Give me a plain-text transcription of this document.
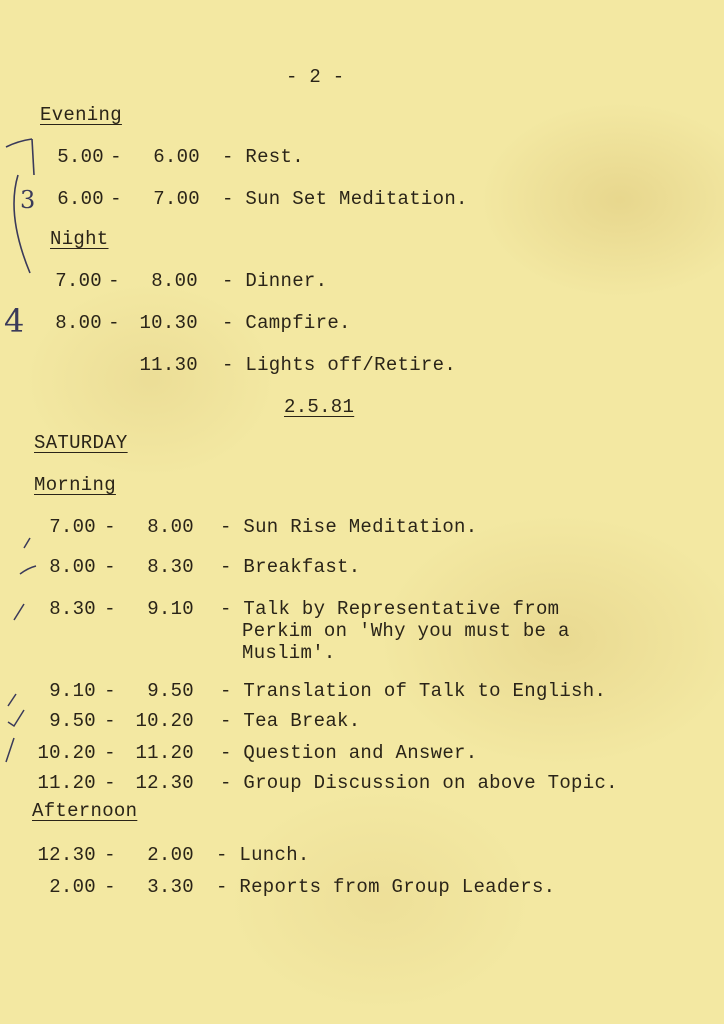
- 2 -
Evening
3
4
5.00 -	6.00 - Rest.
6.00 -	7.00 - Sun Set Meditation.
Night
7.00 -	8.00 - Dinner.
8.00 -	10.30 - Campfire.
11.30 - Lights off/Retire.
2.5.81
SATURDAY
Morning
7.00 -	8.00 - Sun Rise Meditation.
8.00 -	8.30 - Breakfast.
8.30 -	9.10 - Talk by Representative from
Perkim on 'Why you must be a
Muslim'.
9.10 -	9.50 - Translation of Talk to English.
9.50 -	10.20 - Tea Break.
10.20 -	11.20 - Question and Answer.
11.20 -	12.30 - Group Discussion on above Topic.
Afternoon
12.30 -	2.00 - Lunch.
2.00 -	3.30 - Reports from Group Leaders.
